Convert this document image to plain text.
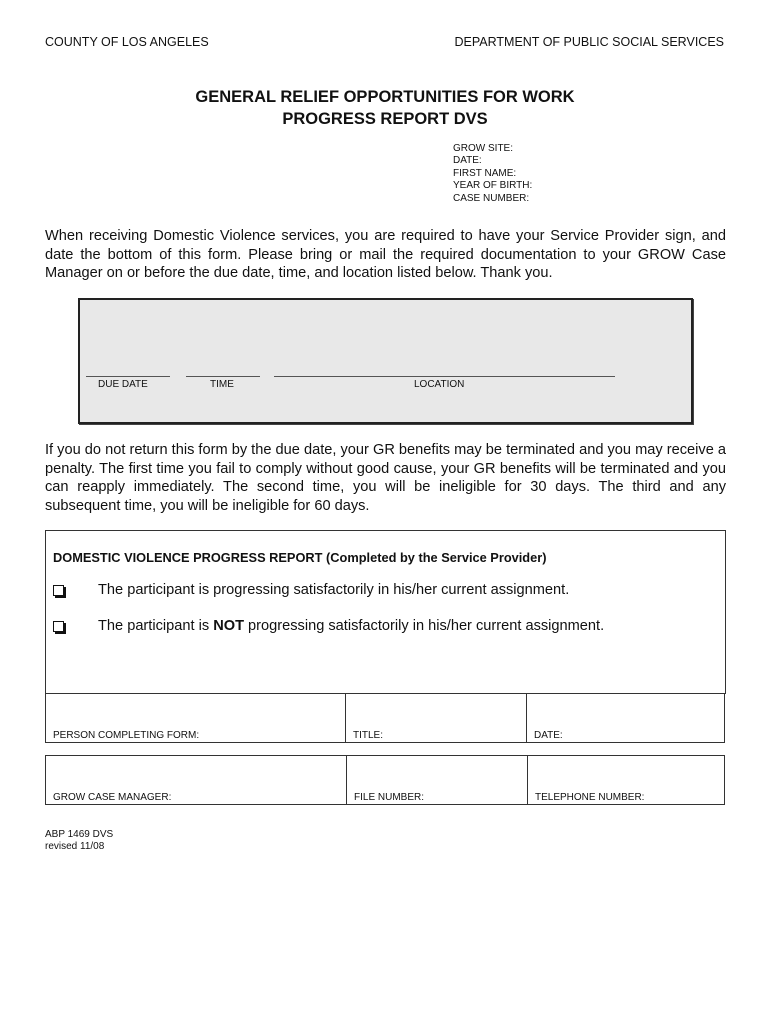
COUNTY OF LOS ANGELES	DEPARTMENT OF PUBLIC SOCIAL SERVICES
GENERAL RELIEF OPPORTUNITIES FOR WORK
PROGRESS REPORT DVS
GROW SITE:
DATE:
FIRST NAME:
YEAR OF BIRTH:
CASE NUMBER:
When receiving Domestic Violence services, you are required to have your Service Provider sign, and date the bottom of this form. Please bring or mail the required documentation to your GROW Case Manager on or before the due date, time, and location listed below. Thank you.
DUE DATE	TIME	LOCATION
If you do not return this form by the due date, your GR benefits may be terminated and you may receive a penalty. The first time you fail to comply without good cause, your GR benefits will be terminated and you can reapply immediately. The second time, you will be ineligible for 30 days. The third and any subsequent time, you will be ineligible for 60 days.
DOMESTIC VIOLENCE PROGRESS REPORT (Completed by the Service Provider)
The participant is progressing satisfactorily in his/her current assignment.
The participant is NOT progressing satisfactorily in his/her current assignment.
PERSON COMPLETING FORM:	TITLE:	DATE:
GROW CASE MANAGER:	FILE NUMBER:	TELEPHONE NUMBER:
ABP 1469 DVS
revised 11/08
